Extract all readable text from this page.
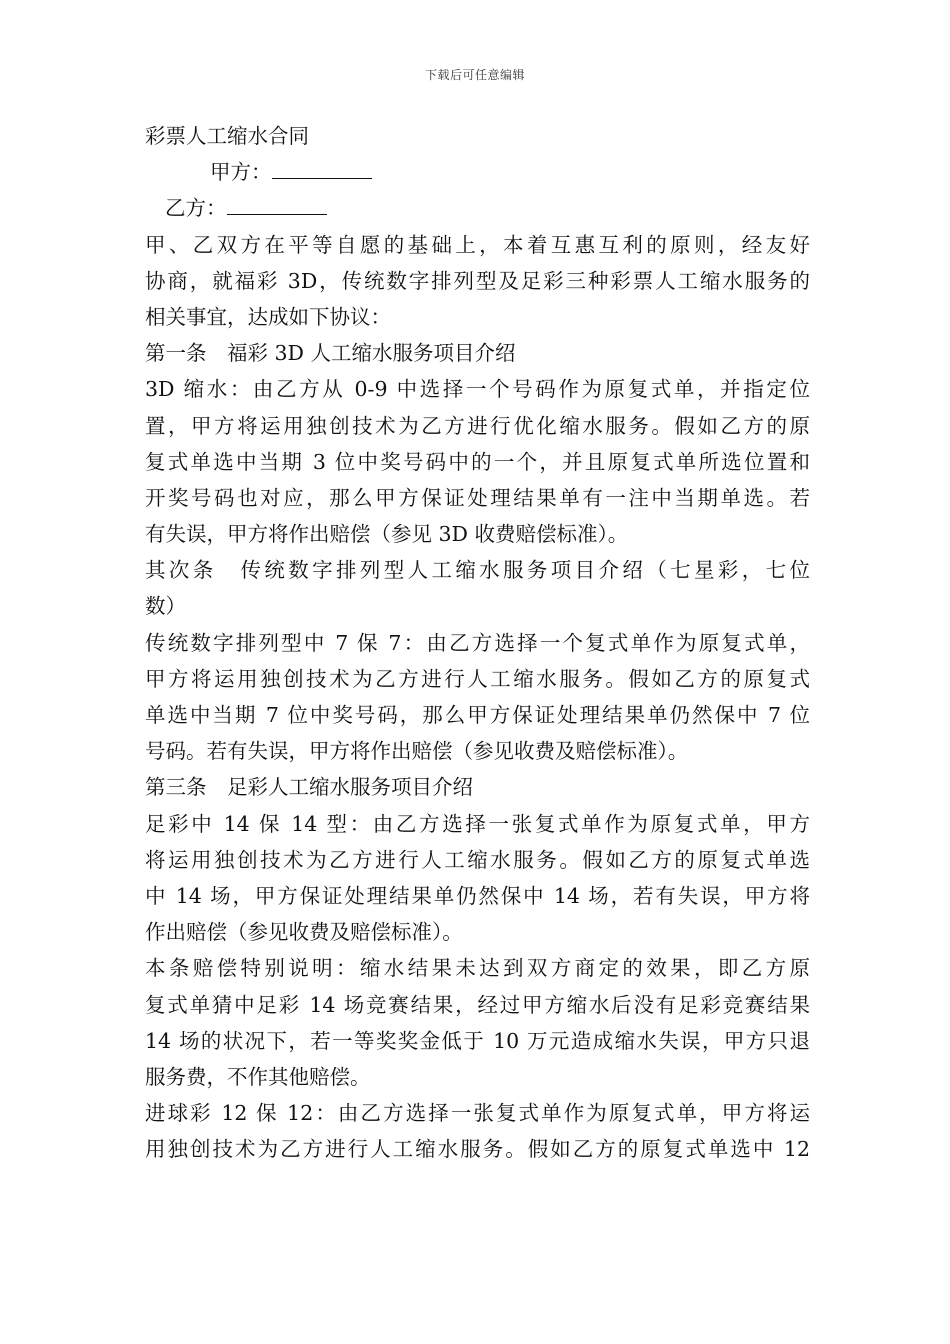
下载后可任意编辑
彩票人工缩水合同
甲方：
乙方：
甲、乙双方在平等自愿的基础上，本着互惠互利的原则，经友好
协商，就福彩 3D，传统数字排列型及足彩三种彩票人工缩水服务的
相关事宜，达成如下协议：
第一条　福彩 3D 人工缩水服务项目介绍
3D 缩水：由乙方从 0-9 中选择一个号码作为原复式单，并指定位
置，甲方将运用独创技术为乙方进行优化缩水服务。假如乙方的原
复式单选中当期 3 位中奖号码中的一个，并且原复式单所选位置和
开奖号码也对应，那么甲方保证处理结果单有一注中当期单选。若
有失误，甲方将作出赔偿（参见 3D 收费赔偿标准）。
其次条　传统数字排列型人工缩水服务项目介绍（七星彩，七位
数）
传统数字排列型中 7 保 7：由乙方选择一个复式单作为原复式单，
甲方将运用独创技术为乙方进行人工缩水服务。假如乙方的原复式
单选中当期 7 位中奖号码，那么甲方保证处理结果单仍然保中 7 位
号码。若有失误，甲方将作出赔偿（参见收费及赔偿标准）。
第三条　足彩人工缩水服务项目介绍
足彩中 14 保 14 型：由乙方选择一张复式单作为原复式单，甲方
将运用独创技术为乙方进行人工缩水服务。假如乙方的原复式单选
中 14 场，甲方保证处理结果单仍然保中 14 场，若有失误，甲方将
作出赔偿（参见收费及赔偿标准）。
本条赔偿特别说明：缩水结果未达到双方商定的效果，即乙方原
复式单猜中足彩 14 场竞赛结果，经过甲方缩水后没有足彩竞赛结果
14 场的状况下，若一等奖奖金低于 10 万元造成缩水失误，甲方只退
服务费，不作其他赔偿。
进球彩 12 保 12：由乙方选择一张复式单作为原复式单，甲方将运
用独创技术为乙方进行人工缩水服务。假如乙方的原复式单选中 12
